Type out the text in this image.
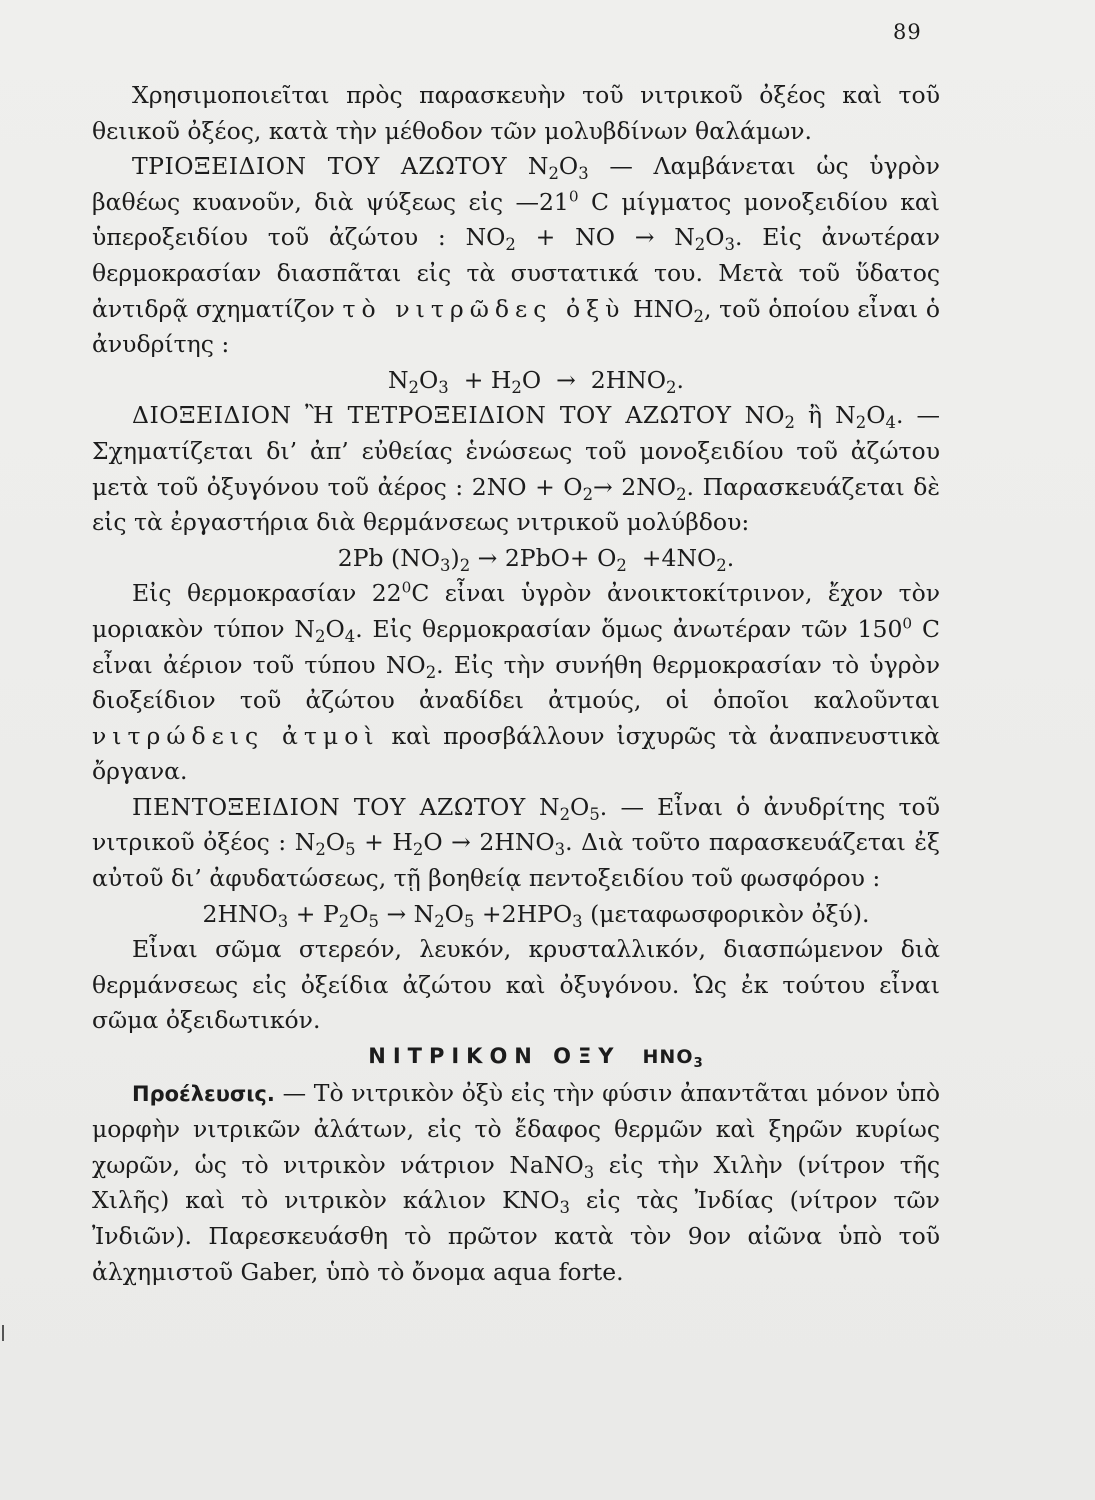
89

Χρησιμοποιεῖται πρὸς παρασκευὴν τοῦ νιτρικοῦ ὀξέος καὶ τοῦ θειικοῦ ὀξέος, κατὰ τὴν μέθοδον τῶν μολυβδίνων θαλάμων.

ΤΡΙΟΞΕΙΔΙΟΝ ΤΟΥ ΑΖΩΤΟΥ $N_2O_3$ — Λαμβάνεται ὡς ὑγρὸν βαθέως κυανοῦν, διὰ ψύξεως εἰς $—21^0$ C μίγματος μονοξειδίου καὶ ὑπεροξειδίου τοῦ ἀζώτου : $NO_2$ + NO → $N_2O_3$. Εἰς ἀνωτέραν θερμοκρασίαν διασπᾶται εἰς τὰ συστατικά του. Μετὰ τοῦ ὕδατος ἀντιδρᾷ σχηματίζον τὸ νιτρῶδες ὀξὺ $HNO_2$, τοῦ ὁποίου εἶναι ὁ ἀνυδρίτης :

$N_2O_3 + H_2O \to 2HNO_2$.

ΔΙΟΞΕΙΔΙΟΝ Ἢ ΤΕΤΡΟΞΕΙΔΙΟΝ ΤΟΥ ΑΖΩΤΟΥ $NO_2$ ἢ $N_2O_4$. — Σχηματίζεται δι’ ἀπ’ εὐθείας ἑνώσεως τοῦ μονοξειδίου τοῦ ἀζώτου μετὰ τοῦ ὀξυγόνου τοῦ ἀέρος : $2NO + O_2\to 2NO_2$. Παρασκευάζεται δὲ εἰς τὰ ἐργαστήρια διὰ θερμάνσεως νιτρικοῦ μολύβδου:

2Pb $(NO_3)_2 \to 2PbO+ O_2 +4NO_2$.

Εἰς θερμοκρασίαν $22^0C$ εἶναι ὑγρὸν ἀνοικτοκίτρινον, ἔχον τὸν μοριακὸν τύπον $N_2O_4$. Εἰς θερμοκρασίαν ὅμως ἀνωτέραν τῶν $150^0$ C εἶναι ἀέριον τοῦ τύπου $NO_2$. Εἰς τὴν συνήθη θερμοκρασίαν τὸ ὑγρὸν διοξείδιον τοῦ ἀζώτου ἀναδίδει ἀτμούς, οἱ ὁποῖοι καλοῦνται νιτρώδεις ἀτμοὶ καὶ προσβάλλουν ἰσχυρῶς τὰ ἀναπνευστικὰ ὄργανα.

ΠΕΝΤΟΞΕΙΔΙΟΝ ΤΟΥ ΑΖΩΤΟΥ $N_2O_5$. — Εἶναι ὁ ἀνυδρίτης τοῦ νιτρικοῦ ὀξέος : $N_2O_5 + H_2O \to 2HNO_3$. Διὰ τοῦτο παρασκευάζεται ἐξ αὐτοῦ δι’ ἀφυδατώσεως, τῇ βοηθείᾳ πεντοξειδίου τοῦ φωσφόρου :

$2HNO_3 + P_2O_5 \to N_2O_5 +2HPO_3$ (μεταφωσφορικὸν ὀξύ).

Εἶναι σῶμα στερεόν, λευκόν, κρυσταλλικόν, διασπώμενον διὰ θερμάνσεως εἰς ὀξείδια ἀζώτου καὶ ὀξυγόνου. Ὡς ἐκ τούτου εἶναι σῶμα ὀξειδωτικόν.

ΝΙΤΡΙΚΟΝ ΟΞΥ $HNO_3$

Προέλευσις. — Τὸ νιτρικὸν ὀξὺ εἰς τὴν φύσιν ἀπαντᾶται μόνον ὑπὸ μορφὴν νιτρικῶν ἀλάτων, εἰς τὸ ἔδαφος θερμῶν καὶ ξηρῶν κυρίως χωρῶν, ὡς τὸ νιτρικὸν νάτριον NaNO$_3$ εἰς τὴν Χιλὴν (νίτρον τῆς Χιλῆς) καὶ τὸ νιτρικὸν κάλιον $KNO_3$ εἰς τὰς Ἰνδίας (νίτρον τῶν Ἰνδιῶν). Παρεσκευάσθη τὸ πρῶτον κατὰ τὸν 9ον αἰῶνα ὑπὸ τοῦ ἀλχημιστοῦ Gaber, ὑπὸ τὸ ὄνομα aqua forte.
